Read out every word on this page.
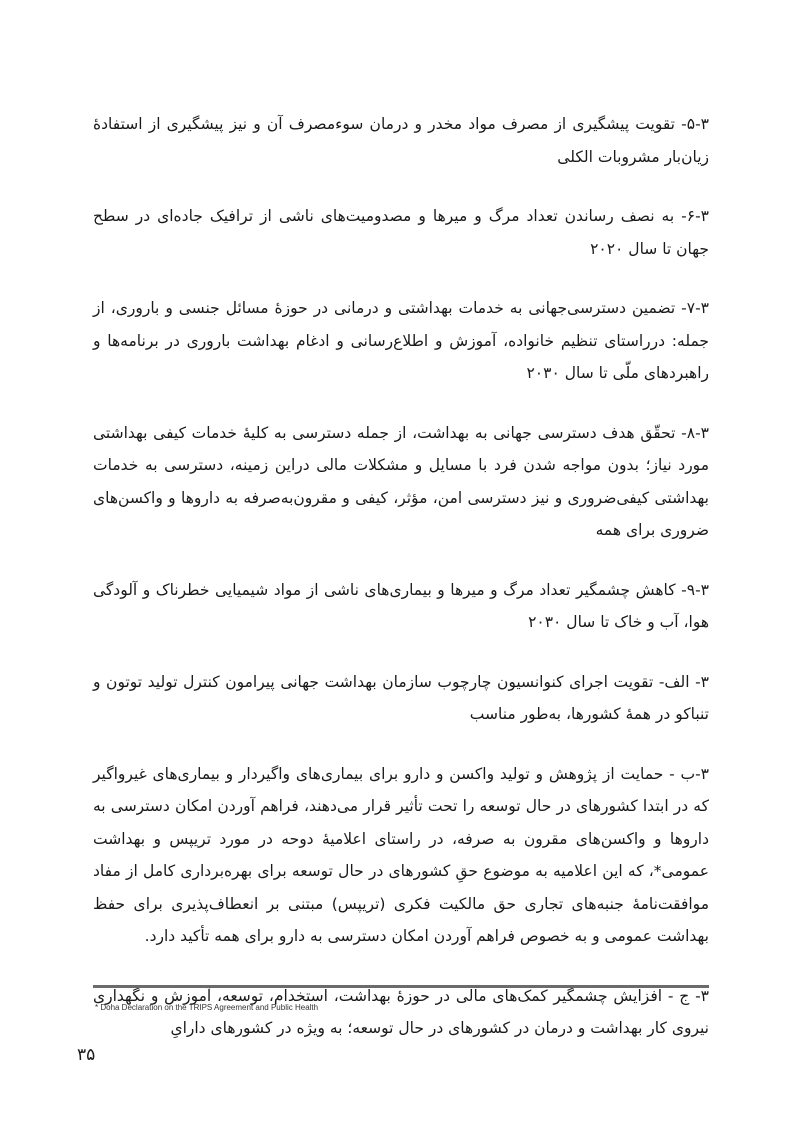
۵-۳- تقویت پیشگیری از مصرف مواد مخدر و درمان سوءمصرف آن و نیز پیشگیری از استفادهٔ زیان‌بار مشروبات الکلی

۶-۳- به نصف رساندن تعداد مرگ و میرها و مصدومیت‌های ناشی از ترافیک جاده‌ای در سطح جهان تا سال ۲۰۲۰

۷-۳- تضمین دسترسی‌جهانی به خدمات بهداشتی و درمانی در حوزهٔ مسائل جنسی و باروری، از جمله: درراستای تنظیم خانواده، آموزش و اطلاع‌رسانی و ادغام بهداشت باروری در برنامه‌ها و راهبردهای ملّی تا سال ۲۰۳۰

۸-۳- تحقّق هدف دسترسی جهانی به بهداشت، از جمله دسترسی به کلیهٔ خدمات کیفی بهداشتی مورد نیاز؛ بدون مواجه شدن فرد با مسایل و مشکلات مالی دراین زمینه، دسترسی به خدمات بهداشتی کیفی‌ضروری و نیز دسترسی امن، مؤثر، کیفی و مقرون‌به‌صرفه به داروها و واکسن‌های ضروری برای همه

۹-۳- کاهش چشمگیر تعداد مرگ و میرها و بیماری‌های ناشی از مواد شیمیایی خطرناک و آلودگی هوا، آب و خاک تا سال ۲۰۳۰

۳- الف- تقویت اجرای کنوانسیون چارچوب سازمان بهداشت جهانی پیرامون کنترل تولید توتون و تنباکو در همهٔ کشورها، به‌طور مناسب

۳-ب - حمایت از پژوهش و تولید واکسن و دارو برای بیماری‌های واگیردار و بیماری‌های غیرواگیر که در ابتدا کشورهای در حال توسعه را تحت تأثیر قرار می‌دهند، فراهم آوردن امکان دسترسی به داروها و واکسن‌های مقرون به صرفه، در راستای اعلامیهٔ دوحه در مورد تریپس و بهداشت عمومی*، که این اعلامیه به موضوع حقِ کشورهای در حال توسعه برای بهره‌برداری کامل از مفاد موافقت‌نامهٔ جنبه‌های تجاری حق مالکیت فکری (تریپس) مبتنی بر انعطاف‌پذیری برای حفظ بهداشت عمومی و به خصوص فراهم آوردن امکان دسترسی به دارو برای همه تأکید دارد.

۳- ج - افزایش چشمگیر کمک‌های مالی در حوزهٔ بهداشت، استخدام، توسعه، آموزش و نگهداری نیروی کار بهداشت و درمان در کشورهای در حال توسعه؛ به ویژه در کشورهای دارایِ

* Doha Declaration on the TRIPS Agreement and Public Health
۳۵
